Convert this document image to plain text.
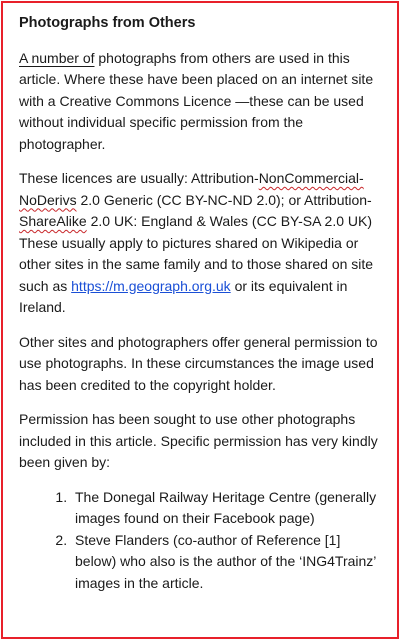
Photographs from Others

A number of photographs from others are used in this article. Where these have been placed on an internet site with a Creative Commons Licence —these can be used without individual specific permission from the photographer.

These licences are usually: Attribution-NonCommercial-NoDerivs 2.0 Generic (CC BY-NC-ND 2.0); or Attribution-ShareAlike 2.0 UK: England & Wales (CC BY-SA 2.0 UK) These usually apply to pictures shared on Wikipedia or other sites in the same family and to those shared on site such as https://m.geograph.org.uk or its equivalent in Ireland.

Other sites and photographers offer general permission to use photographs. In these circumstances the image used has been credited to the copyright holder.

Permission has been sought to use other photographs included in this article. Specific permission has very kindly been given by:

1. The Donegal Railway Heritage Centre (generally images found on their Facebook page)
2. Steve Flanders (co-author of Reference [1] below) who also is the author of the ‘ING4Trainz’ images in the article.
